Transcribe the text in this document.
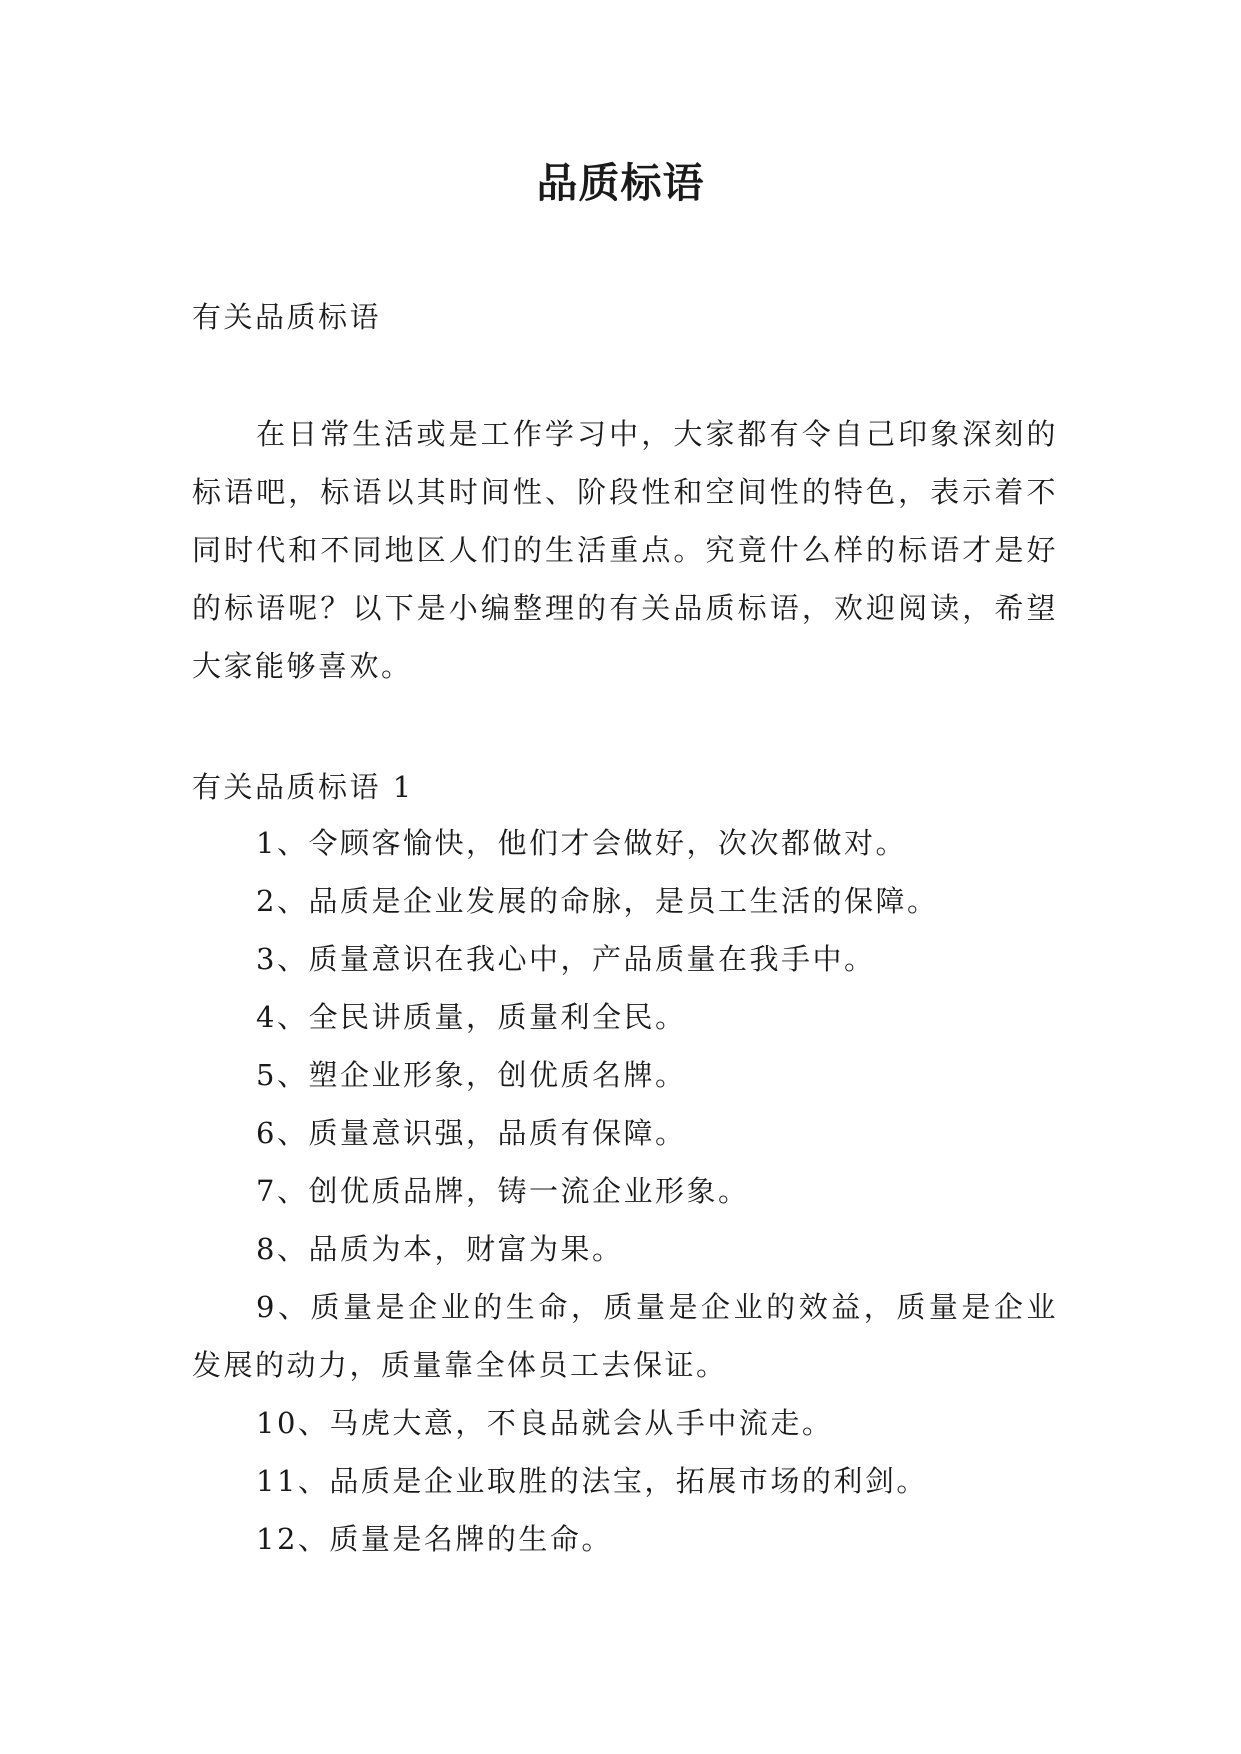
品质标语

有关品质标语

在日常生活或是工作学习中，大家都有令自己印象深刻的标语吧，标语以其时间性、阶段性和空间性的特色，表示着不同时代和不同地区人们的生活重点。究竟什么样的标语才是好的标语呢？以下是小编整理的有关品质标语，欢迎阅读，希望大家能够喜欢。

有关品质标语 1

1、令顾客愉快，他们才会做好，次次都做对。
2、品质是企业发展的命脉，是员工生活的保障。
3、质量意识在我心中，产品质量在我手中。
4、全民讲质量，质量利全民。
5、塑企业形象，创优质名牌。
6、质量意识强，品质有保障。
7、创优质品牌，铸一流企业形象。
8、品质为本，财富为果。
9、质量是企业的生命，质量是企业的效益，质量是企业发展的动力，质量靠全体员工去保证。
10、马虎大意，不良品就会从手中流走。
11、品质是企业取胜的法宝，拓展市场的利剑。
12、质量是名牌的生命。
